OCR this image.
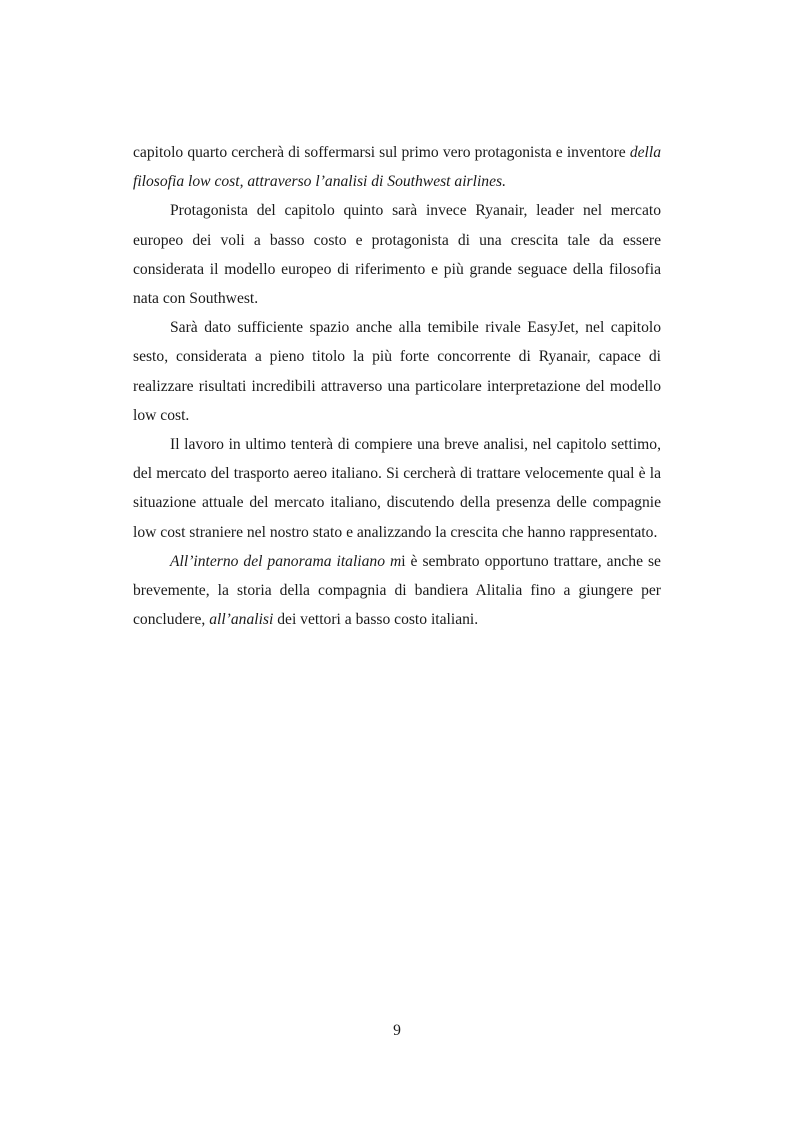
capitolo quarto cercherà di soffermarsi sul primo vero protagonista e inventore della filosofia low cost, attraverso l’analisi di Southwest airlines.

Protagonista del capitolo quinto sarà invece Ryanair, leader nel mercato europeo dei voli a basso costo e protagonista di una crescita tale da essere considerata il modello europeo di riferimento e più grande seguace della filosofia nata con Southwest.

Sarà dato sufficiente spazio anche alla temibile rivale EasyJet, nel capitolo sesto, considerata a pieno titolo la più forte concorrente di Ryanair, capace di realizzare risultati incredibili attraverso una particolare interpretazione del modello low cost.

Il lavoro in ultimo tenterà di compiere una breve analisi, nel capitolo settimo, del mercato del trasporto aereo italiano. Si cercherà di trattare velocemente qual è la situazione attuale del mercato italiano, discutendo della presenza delle compagnie low cost straniere nel nostro stato e analizzando la crescita che hanno rappresentato.

All’interno del panorama italiano mi è sembrato opportuno trattare, anche se brevemente, la storia della compagnia di bandiera Alitalia fino a giungere per concludere, all’analisi dei vettori a basso costo italiani.

9
